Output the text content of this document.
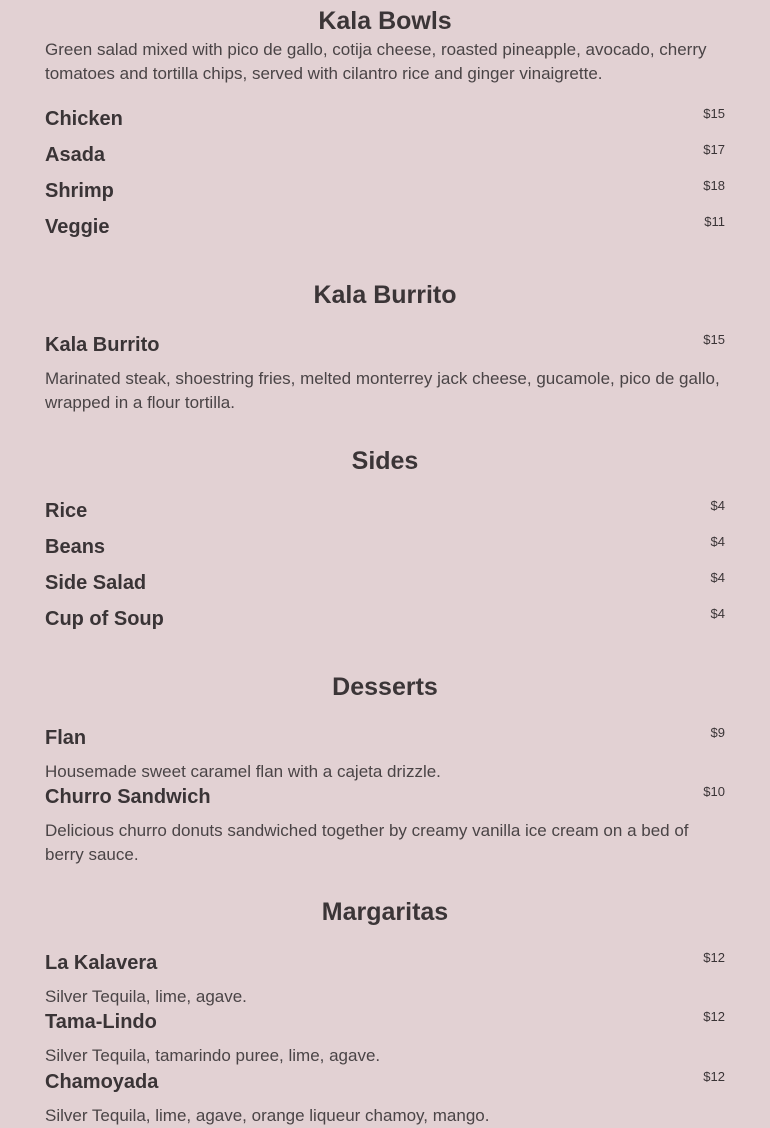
Kala Bowls

Green salad mixed with pico de gallo, cotija cheese, roasted pineapple, avocado, cherry tomatoes and tortilla chips, served with cilantro rice and ginger vinaigrette.

Chicken	$15
Asada	$17
Shrimp	$18
Veggie	$11
Kala Burrito
Kala Burrito	$15

Marinated steak, shoestring fries, melted monterrey jack cheese, gucamole, pico de gallo, wrapped in a flour tortilla.

Sides
Rice	$4
Beans	$4
Side Salad	$4
Cup of Soup	$4
Desserts
Flan	$9

Housemade sweet caramel flan with a cajeta drizzle.

Churro Sandwich	$10

Delicious churro donuts sandwiched together by creamy vanilla ice cream on a bed of berry sauce.

Margaritas
La Kalavera	$12

Silver Tequila, lime, agave.

Tama-Lindo	$12

Silver Tequila, tamarindo puree, lime, agave.

Chamoyada	$12

Silver Tequila, lime, agave, orange liqueur chamoy, mango.
